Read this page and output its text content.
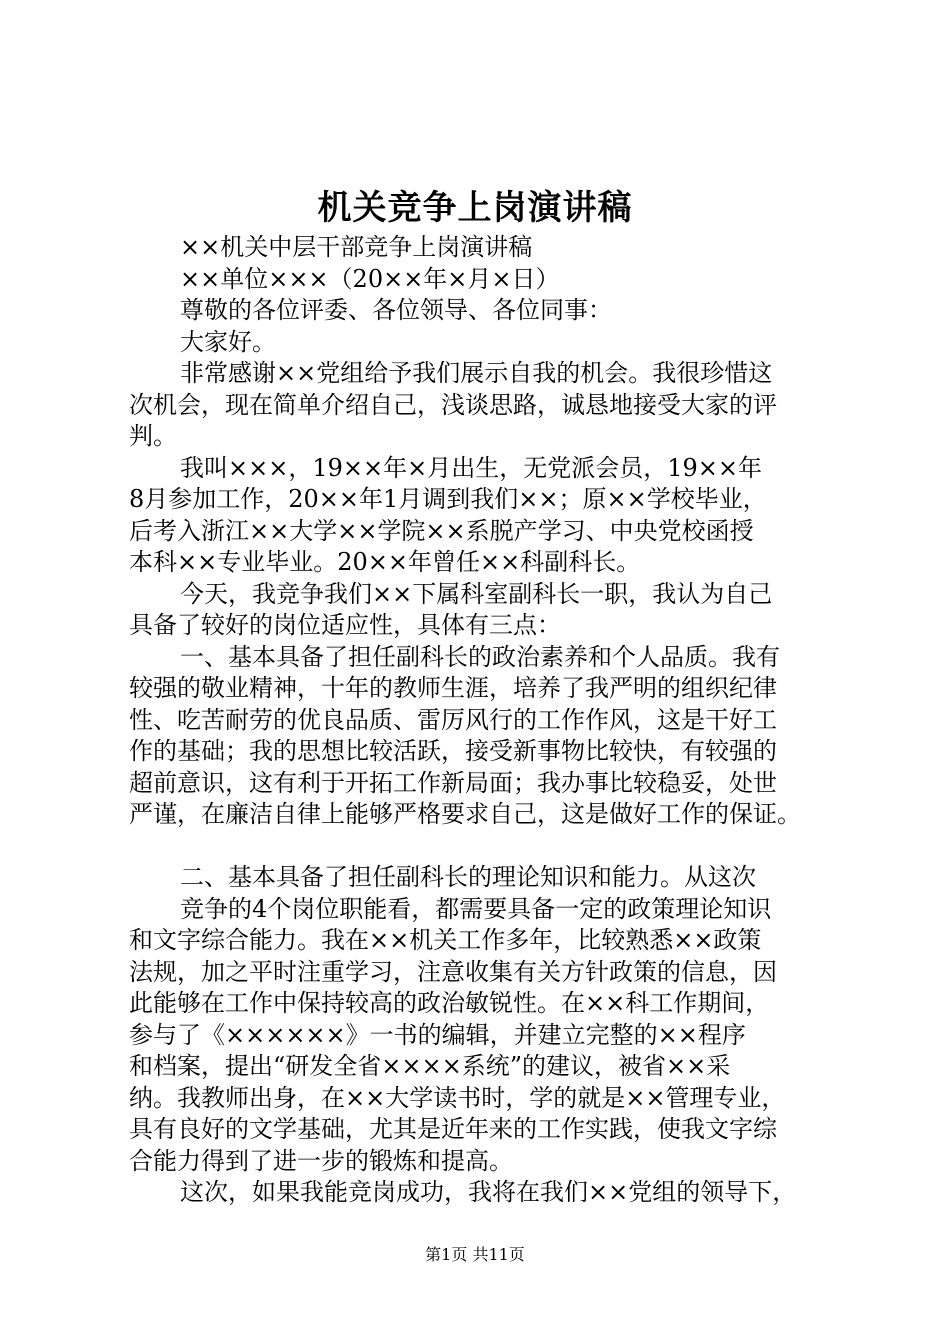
机关竞争上岗演讲稿
××机关中层干部竞争上岗演讲稿
××单位×××（20××年×月×日）
尊敬的各位评委、各位领导、各位同事：
大家好。
非常感谢××党组给予我们展示自我的机会。我很珍惜这
次机会，现在简单介绍自己，浅谈思路，诚恳地接受大家的评
判。
我叫×××，19××年×月出生，无党派会员，19××年
8月参加工作，20××年1月调到我们××；原××学校毕业，
后考入浙江××大学××学院××系脱产学习、中央党校函授
本科××专业毕业。20××年曾任××科副科长。
今天，我竞争我们××下属科室副科长一职，我认为自己
具备了较好的岗位适应性，具体有三点：
一、基本具备了担任副科长的政治素养和个人品质。我有
较强的敬业精神，十年的教师生涯，培养了我严明的组织纪律
性、吃苦耐劳的优良品质、雷厉风行的工作作风，这是干好工
作的基础；我的思想比较活跃，接受新事物比较快，有较强的
超前意识，这有利于开拓工作新局面；我办事比较稳妥，处世
严谨，在廉洁自律上能够严格要求自己，这是做好工作的保证。
二、基本具备了担任副科长的理论知识和能力。从这次
竞争的4个岗位职能看，都需要具备一定的政策理论知识
和文字综合能力。我在××机关工作多年，比较熟悉××政策
法规，加之平时注重学习，注意收集有关方针政策的信息，因
此能够在工作中保持较高的政治敏锐性。在××科工作期间，
参与了《××××××》一书的编辑，并建立完整的××程序
和档案，提出“研发全省××××系统”的建议，被省××采
纳。我教师出身，在××大学读书时，学的就是××管理专业，
具有良好的文学基础，尤其是近年来的工作实践，使我文字综
合能力得到了进一步的锻炼和提高。
这次，如果我能竞岗成功，我将在我们××党组的领导下，
第1页 共11页
